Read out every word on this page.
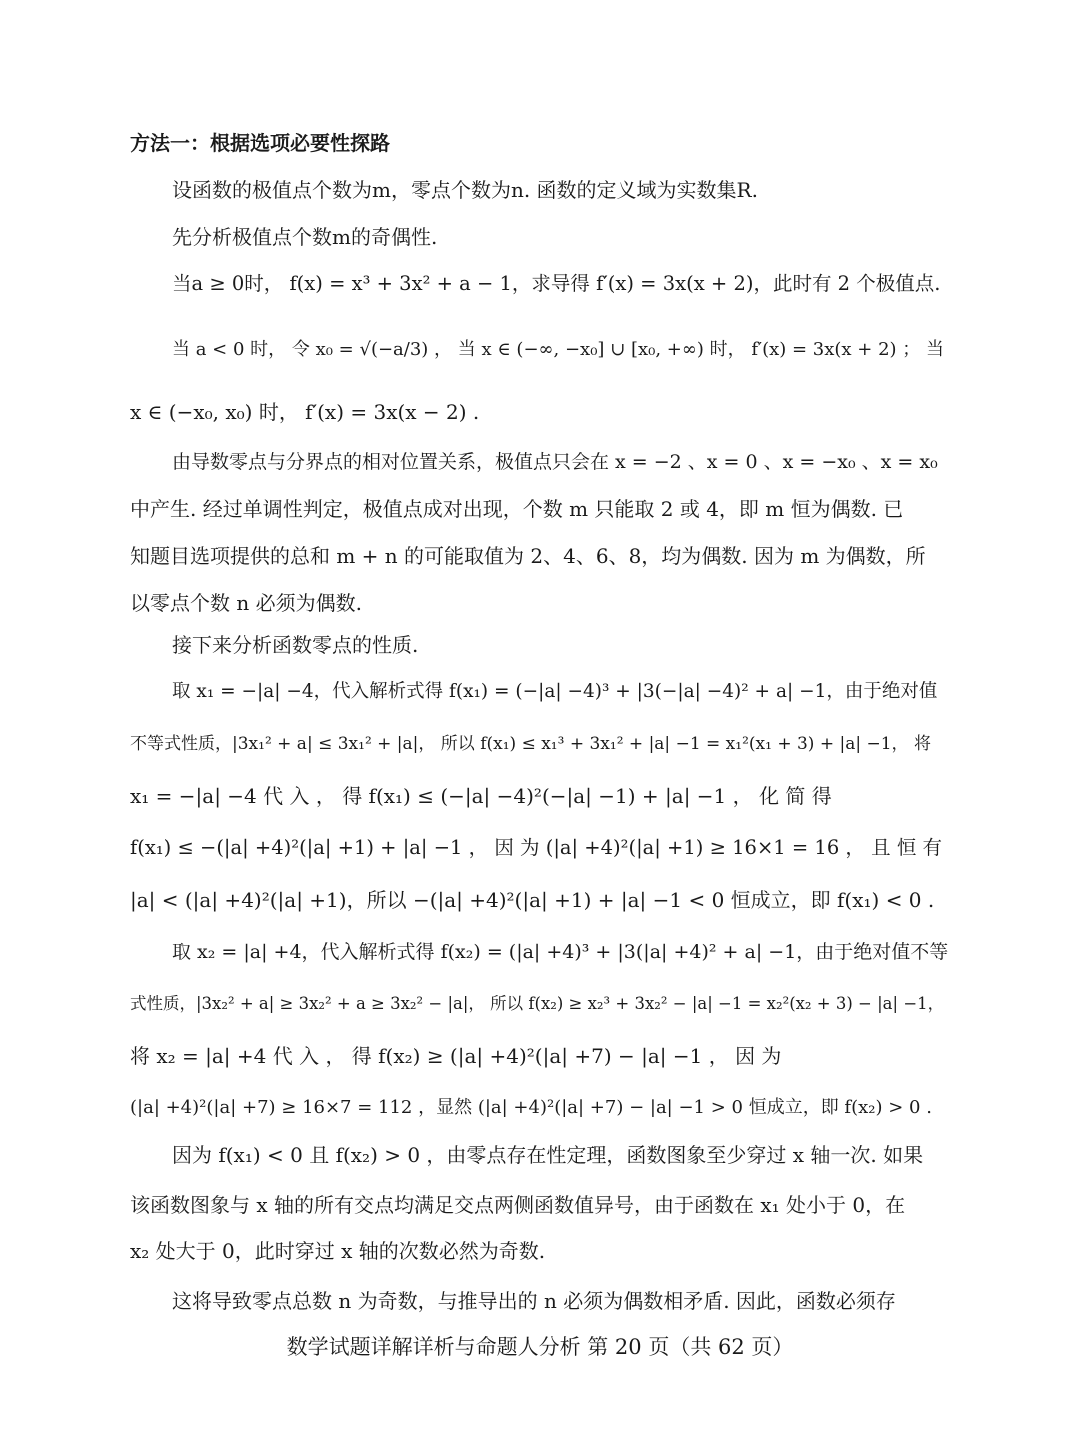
方法一：根据选项必要性探路
设函数的极值点个数为m，零点个数为n. 函数的定义域为实数集R.
先分析极值点个数m的奇偶性.
当a ≥ 0时， f(x) = x³ + 3x² + a − 1，求导得 f′(x) = 3x(x + 2)，此时有 2 个极值点.
当 a < 0 时， 令 x₀ = √(−a/3) ， 当 x ∈ (−∞, −x₀] ∪ [x₀, +∞) 时， f′(x) = 3x(x + 2) ； 当
x ∈ (−x₀, x₀) 时， f′(x) = 3x(x − 2) .
由导数零点与分界点的相对位置关系，极值点只会在 x = −2 、x = 0 、x = −x₀ 、x = x₀
中产生. 经过单调性判定，极值点成对出现，个数 m 只能取 2 或 4，即 m 恒为偶数. 已
知题目选项提供的总和 m + n 的可能取值为 2、4、6、8，均为偶数. 因为 m 为偶数，所
以零点个数 n 必须为偶数.
接下来分析函数零点的性质.
取 x₁ = −|a| −4，代入解析式得 f(x₁) = (−|a| −4)³ + |3(−|a| −4)² + a| −1，由于绝对值
不等式性质，|3x₁² + a| ≤ 3x₁² + |a|， 所以 f(x₁) ≤ x₁³ + 3x₁² + |a| −1 = x₁²(x₁ + 3) + |a| −1， 将
x₁ = −|a| −4 代 入 ， 得 f(x₁) ≤ (−|a| −4)²(−|a| −1) + |a| −1 ， 化 简 得
f(x₁) ≤ −(|a| +4)²(|a| +1) + |a| −1 ， 因 为 (|a| +4)²(|a| +1) ≥ 16×1 = 16 ， 且 恒 有
|a| < (|a| +4)²(|a| +1)，所以 −(|a| +4)²(|a| +1) + |a| −1 < 0 恒成立，即 f(x₁) < 0 .
取 x₂ = |a| +4，代入解析式得 f(x₂) = (|a| +4)³ + |3(|a| +4)² + a| −1，由于绝对值不等
式性质，|3x₂² + a| ≥ 3x₂² + a ≥ 3x₂² − |a|， 所以 f(x₂) ≥ x₂³ + 3x₂² − |a| −1 = x₂²(x₂ + 3) − |a| −1，
将 x₂ = |a| +4 代 入 ， 得 f(x₂) ≥ (|a| +4)²(|a| +7) − |a| −1 ， 因 为
(|a| +4)²(|a| +7) ≥ 16×7 = 112 ，显然 (|a| +4)²(|a| +7) − |a| −1 > 0 恒成立，即 f(x₂) > 0 .
因为 f(x₁) < 0 且 f(x₂) > 0 ，由零点存在性定理，函数图象至少穿过 x 轴一次. 如果
该函数图象与 x 轴的所有交点均满足交点两侧函数值异号，由于函数在 x₁ 处小于 0，在
x₂ 处大于 0，此时穿过 x 轴的次数必然为奇数.
这将导致零点总数 n 为奇数，与推导出的 n 必须为偶数相矛盾. 因此，函数必须存
数学试题详解详析与命题人分析 第 20 页（共 62 页）
